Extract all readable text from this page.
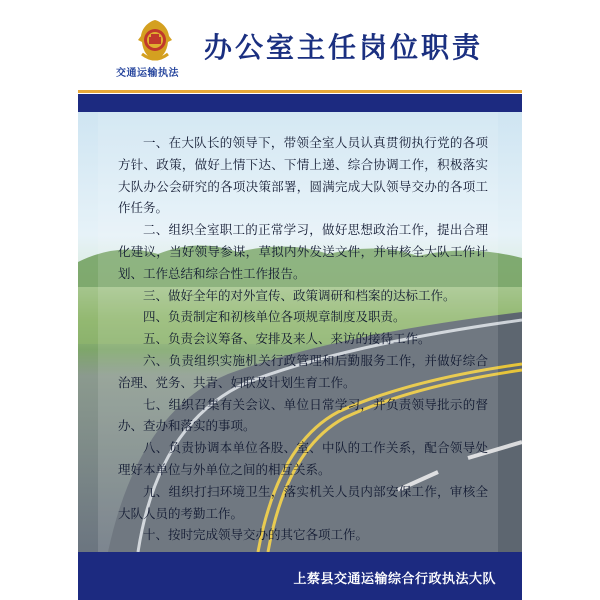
交通运输执法
办公室主任岗位职责

一、在大队长的领导下，带领全室人员认真贯彻执行党的各项方针、政策，做好上情下达、下情上递、综合协调工作，积极落实大队办公会研究的各项决策部署，圆满完成大队领导交办的各项工作任务。

二、组织全室职工的正常学习，做好思想政治工作，提出合理化建议，当好领导参谋，草拟内外发送文件，并审核全大队工作计划、工作总结和综合性工作报告。

三、做好全年的对外宣传、政策调研和档案的达标工作。

四、负责制定和初核单位各项规章制度及职责。

五、负责会议筹备、安排及来人、来访的接待工作。

六、负责组织实施机关行政管理和后勤服务工作，并做好综合治理、党务、共青、妇联及计划生育工作。

七、组织召集有关会议、单位日常学习，并负责领导批示的督办、查办和落实的事项。

八、负责协调本单位各股、室、中队的工作关系，配合领导处理好本单位与外单位之间的相互关系。

九、组织打扫环境卫生，落实机关人员内部安保工作，审核全大队人员的考勤工作。

十、按时完成领导交办的其它各项工作。

上蔡县交通运输综合行政执法大队
